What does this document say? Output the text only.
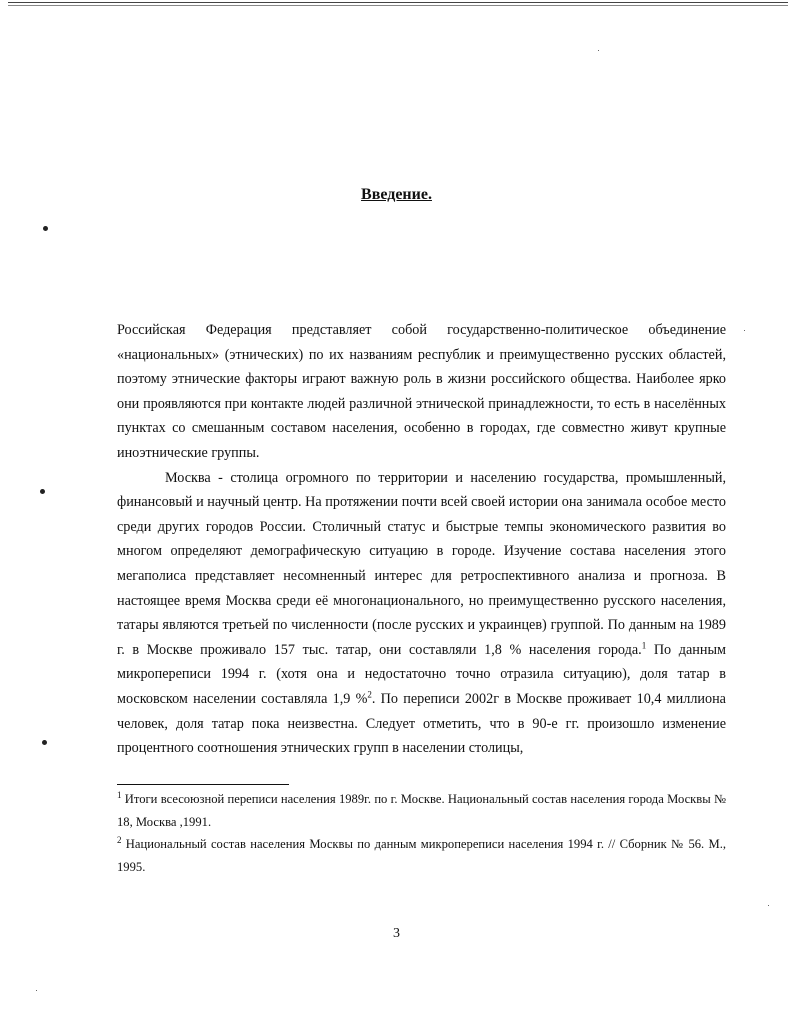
Введение.

Российская Федерация представляет собой государственно-политическое объединение «национальных» (этнических) по их названиям республик и преимущественно русских областей, поэтому этнические факторы играют важную роль в жизни российского общества. Наиболее ярко они проявляются при контакте людей различной этнической принадлежности, то есть в населённых пунктах со смешанным составом населения, особенно в городах, где совместно живут крупные иноэтнические группы.

Москва - столица огромного по территории и населению государства, промышленный, финансовый и научный центр. На протяжении почти всей своей истории она занимала особое место среди других городов России. Столичный статус и быстрые темпы экономического развития во многом определяют демографическую ситуацию в городе. Изучение состава населения этого мегаполиса представляет несомненный интерес для ретроспективного анализа и прогноза. В настоящее время Москва среди её многонационального, но преимущественно русского населения, татары являются третьей по численности (после русских и украинцев) группой. По данным на 1989 г. в Москве проживало 157 тыс. татар, они составляли 1,8 % населения города.$^1$ По данным микропереписи 1994 г. (хотя она и недостаточно точно отразила ситуацию), доля татар в московском населении составляла 1,9 %$^2$. По переписи 2002г в Москве проживает 10,4 миллиона человек, доля татар пока неизвестна. Следует отметить, что в 90-е гг. произошло изменение процентного соотношения этнических групп в населении столицы,

$^1$ Итоги всесоюзной переписи населения 1989г. по г. Москве. Национальный состав населения города Москвы № 18, Москва ,1991.

$^2$ Национальный состав населения Москвы по данным микропереписи населения 1994 г. // Сборник № 56. М., 1995.

3
